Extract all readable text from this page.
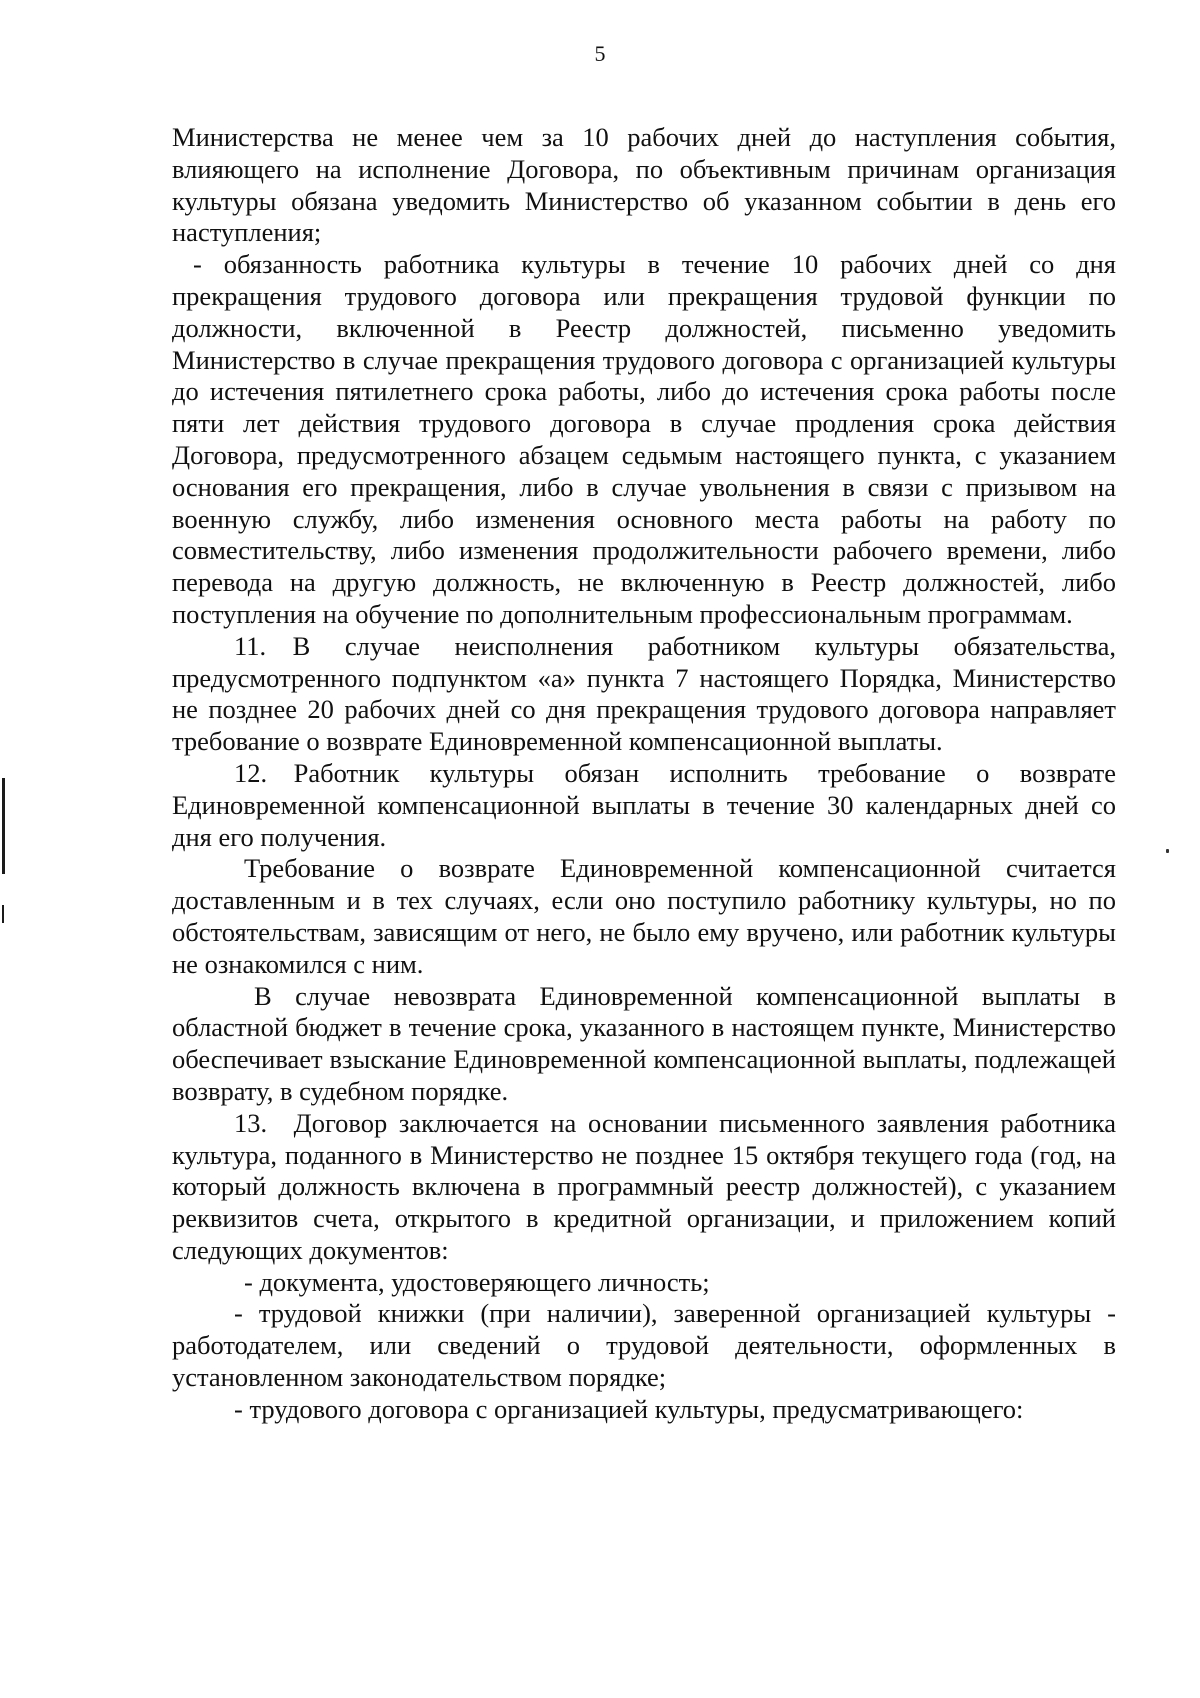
5

Министерства не менее чем за 10 рабочих дней до наступления события, влияющего на исполнение Договора, по объективным причинам организация культуры обязана уведомить Министерство об указанном событии в день его наступления;

- обязанность работника культуры в течение 10 рабочих дней со дня прекращения трудового договора или прекращения трудовой функции по должности, включенной в Реестр должностей, письменно уведомить Министерство в случае прекращения трудового договора с организацией культуры до истечения пятилетнего срока работы, либо до истечения срока работы после пяти лет действия трудового договора в случае продления срока действия Договора, предусмотренного абзацем седьмым настоящего пункта, с указанием основания его прекращения, либо в случае увольнения в связи с призывом на военную службу, либо изменения основного места работы на работу по совместительству, либо изменения продолжительности рабочего времени, либо перевода на другую должность, не включенную в Реестр должностей, либо поступления на обучение по дополнительным профессиональным программам.

11. В случае неисполнения работником культуры обязательства, предусмотренного подпунктом «а» пункта 7 настоящего Порядка, Министерство не позднее 20 рабочих дней со дня прекращения трудового договора направляет требование о возврате Единовременной компенсационной выплаты.

12. Работник культуры обязан исполнить требование о возврате Единовременной компенсационной выплаты в течение 30 календарных дней со дня его получения.

Требование о возврате Единовременной компенсационной считается доставленным и в тех случаях, если оно поступило работнику культуры, но по обстоятельствам, зависящим от него, не было ему вручено, или работник культуры не ознакомился с ним.

В случае невозврата Единовременной компенсационной выплаты в областной бюджет в течение срока, указанного в настоящем пункте, Министерство обеспечивает взыскание Единовременной компенсационной выплаты, подлежащей возврату, в судебном порядке.

13. Договор заключается на основании письменного заявления работника культура, поданного в Министерство не позднее 15 октября текущего года (год, на который должность включена в программный реестр должностей), с указанием реквизитов счета, открытого в кредитной организации, и приложением копий следующих документов:

- документа, удостоверяющего личность;

- трудовой книжки (при наличии), заверенной организацией культуры - работодателем, или сведений о трудовой деятельности, оформленных в установленном законодательством порядке;

- трудового договора с организацией культуры, предусматривающего:
